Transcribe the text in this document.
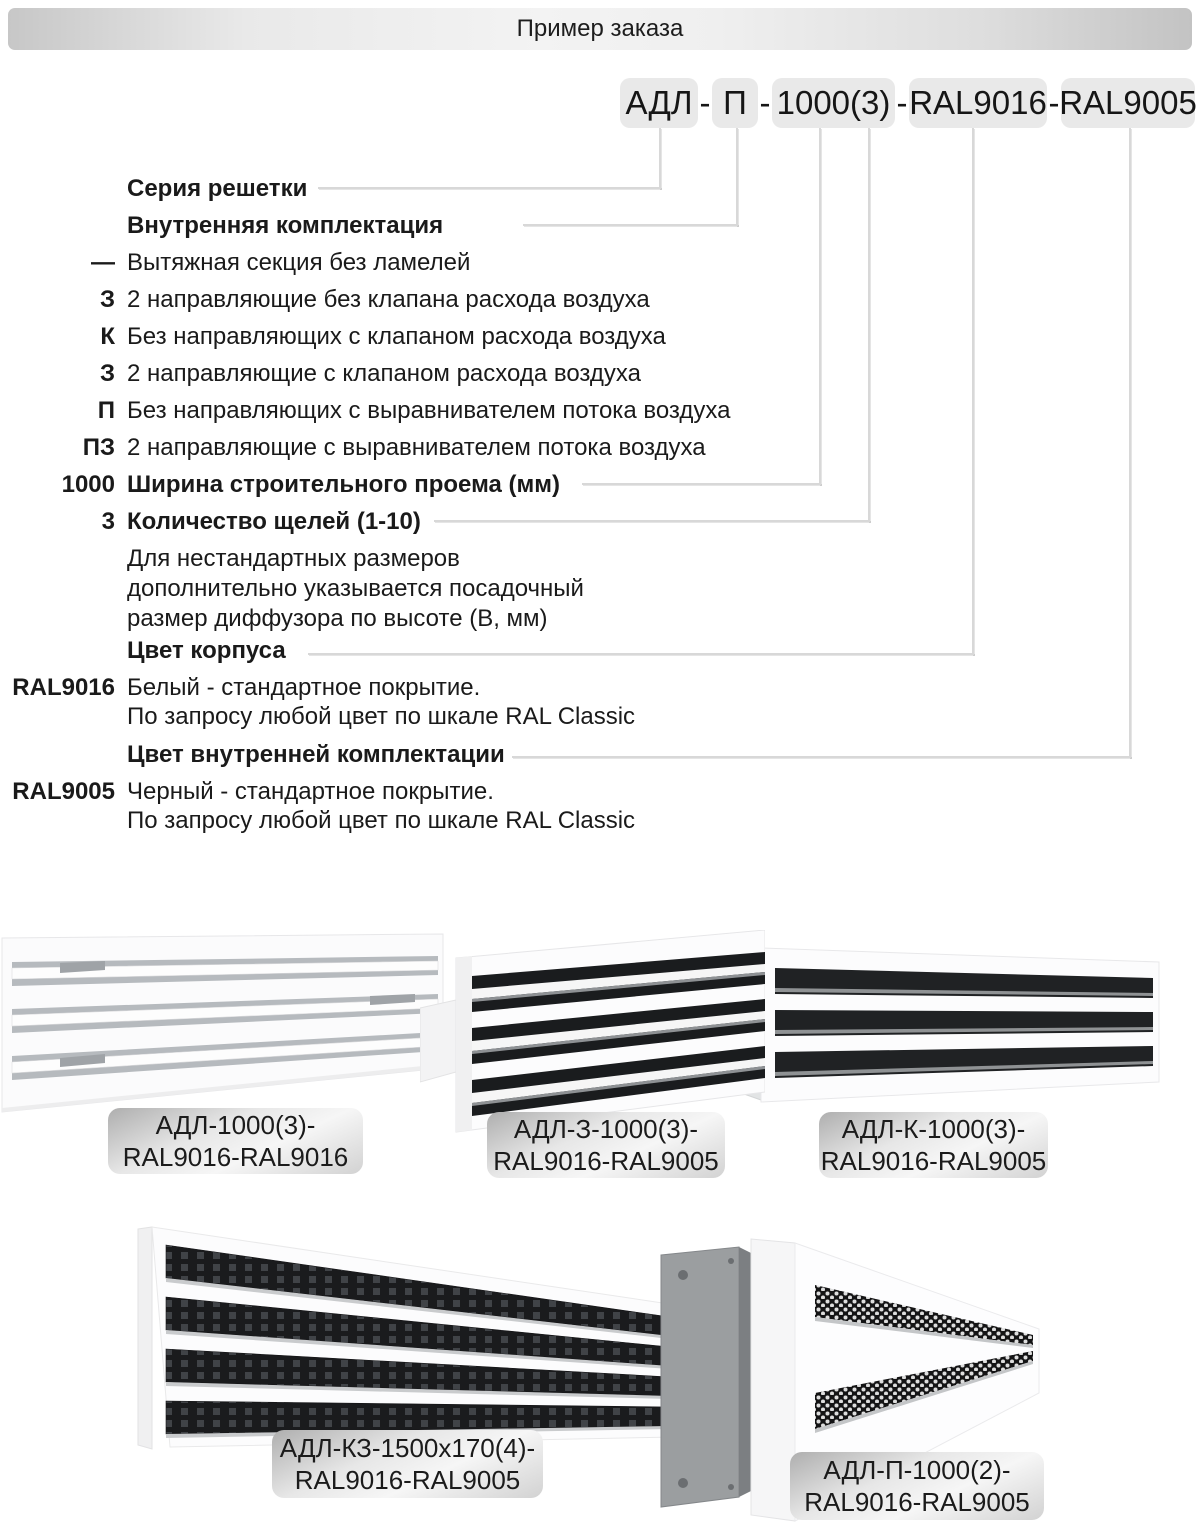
Пример заказа
АДЛ - П - 1000(3) - RAL9016 - RAL9005
Серия решетки
Внутренняя комплектация
— Вытяжная секция без ламелей
З 2 направляющие без клапана расхода воздуха
К Без направляющих с клапаном расхода воздуха
З 2 направляющие с клапаном расхода воздуха
П Без направляющих с выравнивателем потока воздуха
ПЗ 2 направляющие с выравнивателем потока воздуха
1000 Ширина строительного проема (мм)
3 Количество щелей (1-10)
Для нестандартных размеров
дополнительно указывается посадочный
размер диффузора по высоте (В, мм)
Цвет корпуса
RAL9016 Белый - стандартное покрытие.
По запросу любой цвет по шкале RAL Classic
Цвет внутренней комплектации
RAL9005 Черный - стандартное покрытие.
По запросу любой цвет по шкале RAL Classic
АДЛ-1000(3)-
RAL9016-RAL9016
АДЛ-З-1000(3)-
RAL9016-RAL9005
АДЛ-К-1000(3)-
RAL9016-RAL9005
АДЛ-КЗ-1500х170(4)-
RAL9016-RAL9005	АДЛ-П-1000(2)-
RAL9016-RAL9005
